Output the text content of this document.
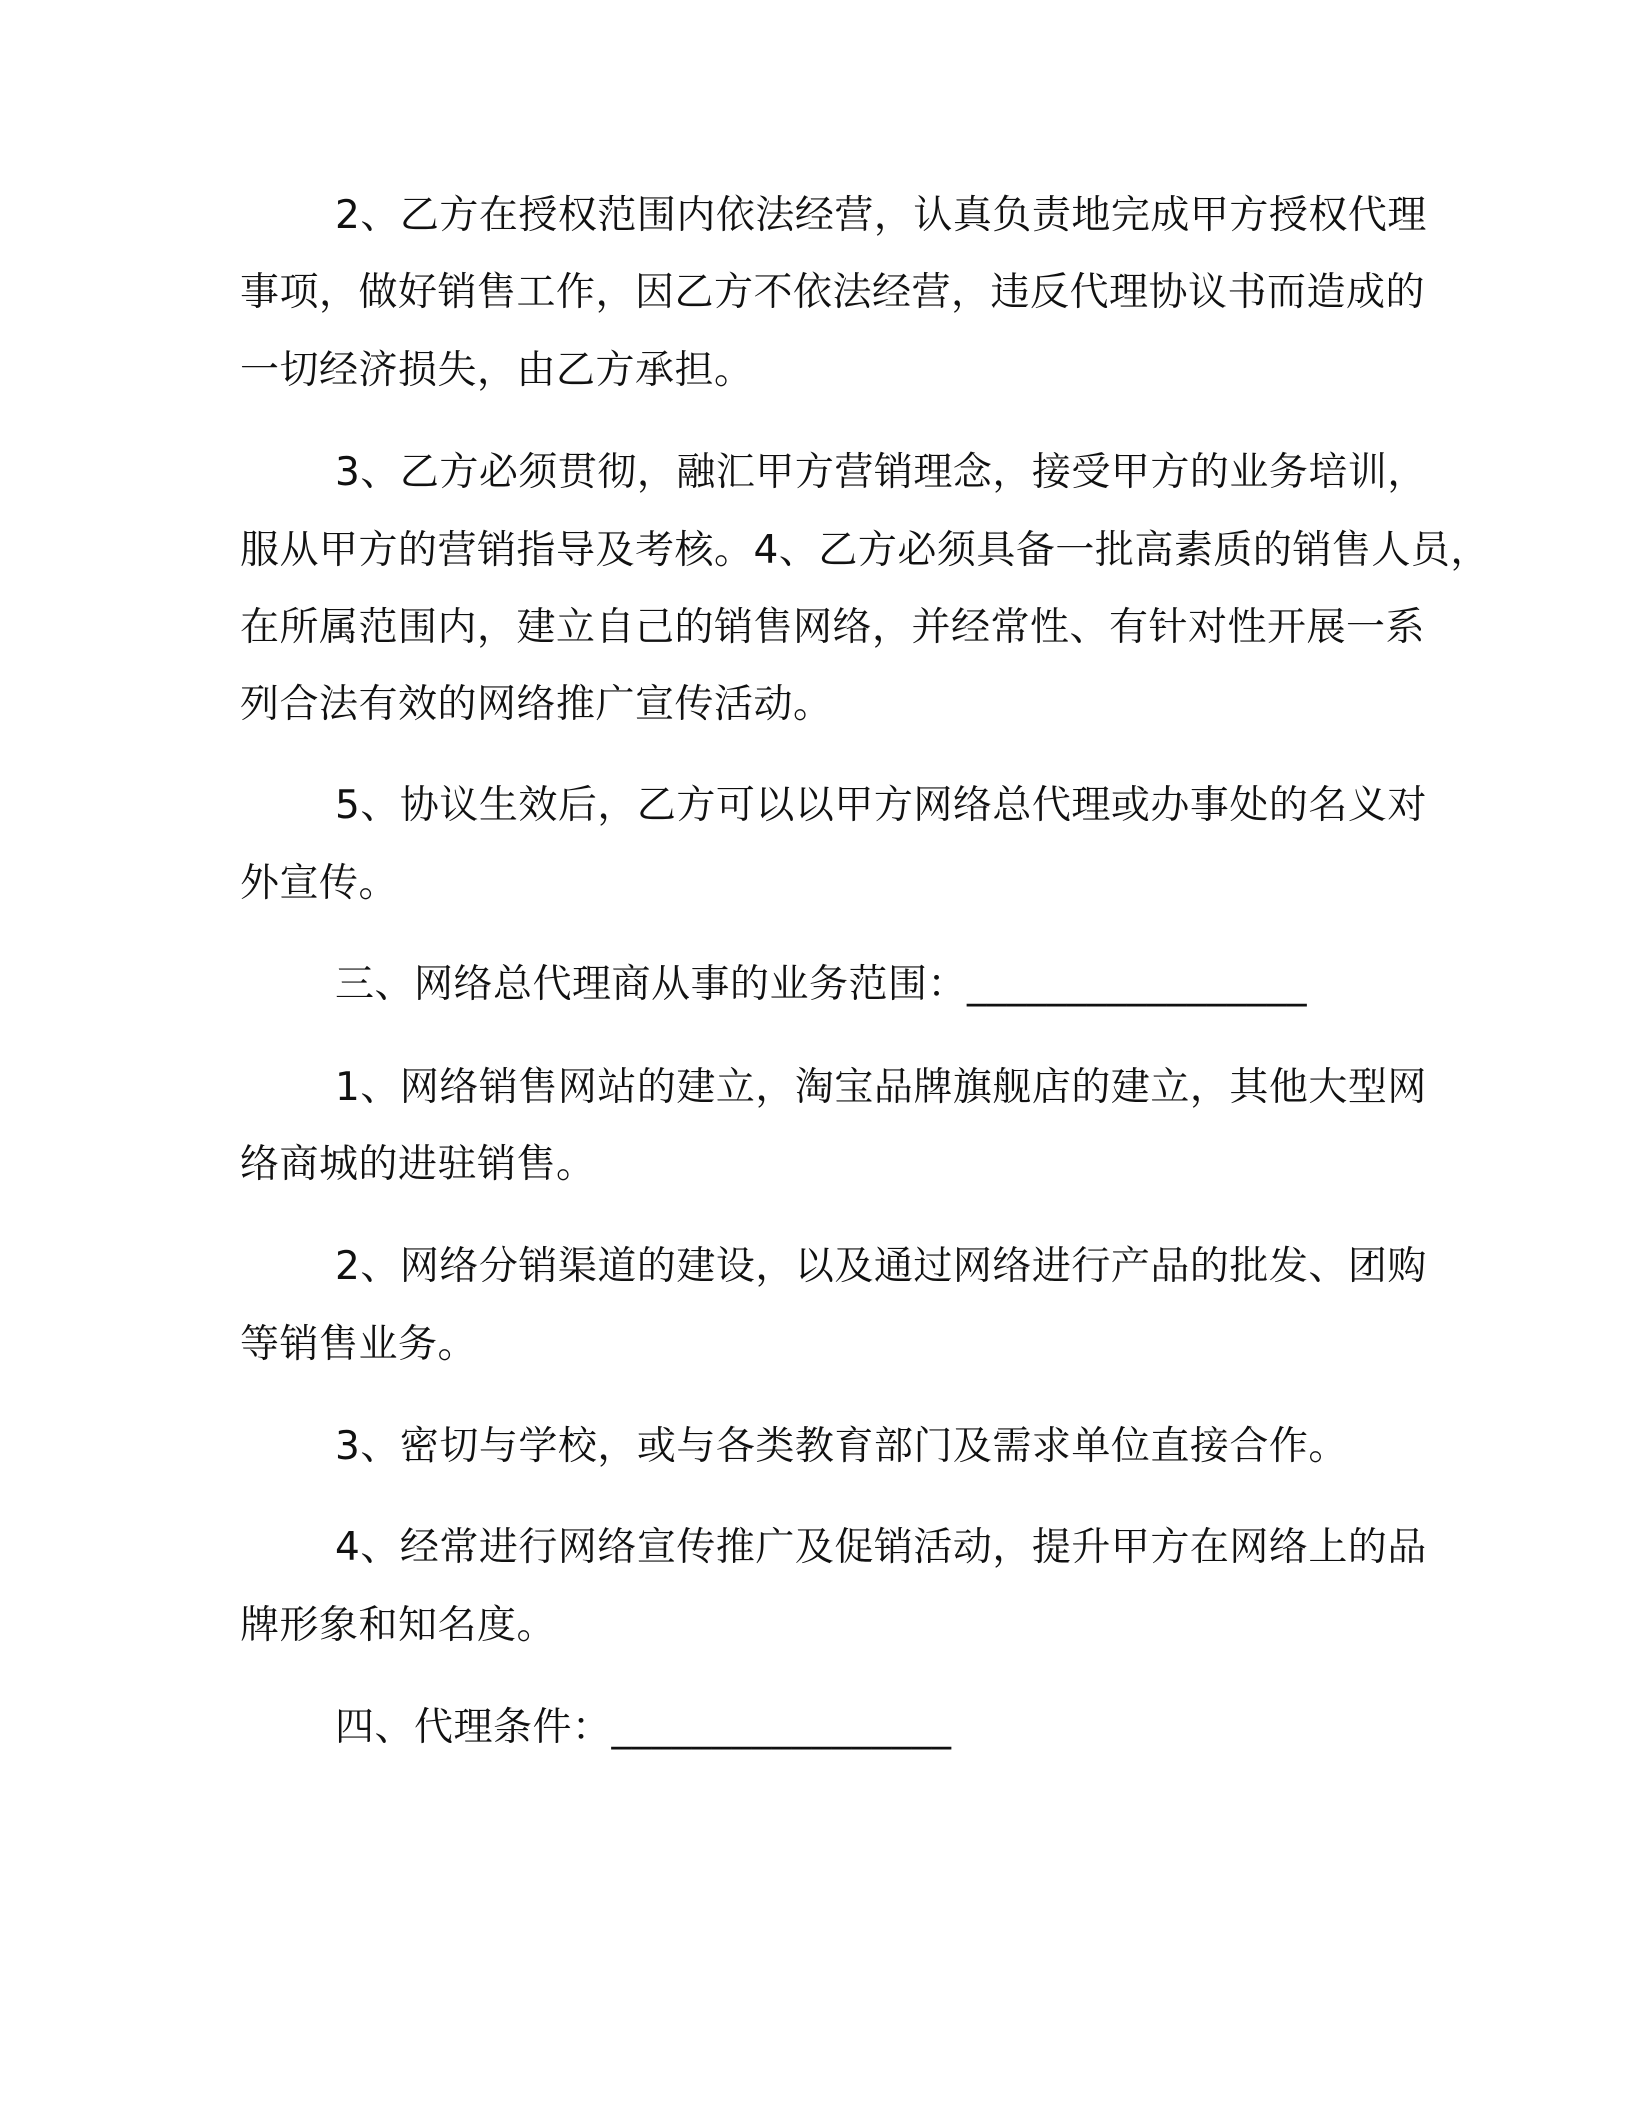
2、乙方在授权范围内依法经营，认真负责地完成甲方授权代理
事项，做好销售工作，因乙方不依法经营，违反代理协议书而造成的
一切经济损失，由乙方承担。
3、乙方必须贯彻，融汇甲方营销理念，接受甲方的业务培训，
服从甲方的营销指导及考核。4、乙方必须具备一批高素质的销售人员，
在所属范围内，建立自己的销售网络，并经常性、有针对性开展一系
列合法有效的网络推广宣传活动。
5、协议生效后，乙方可以以甲方网络总代理或办事处的名义对
外宣传。
三、网络总代理商从事的业务范围：_________________
1、网络销售网站的建立，淘宝品牌旗舰店的建立，其他大型网
络商城的进驻销售。
2、网络分销渠道的建设，以及通过网络进行产品的批发、团购
等销售业务。
3、密切与学校，或与各类教育部门及需求单位直接合作。
4、经常进行网络宣传推广及促销活动，提升甲方在网络上的品
牌形象和知名度。
四、代理条件：_________________
